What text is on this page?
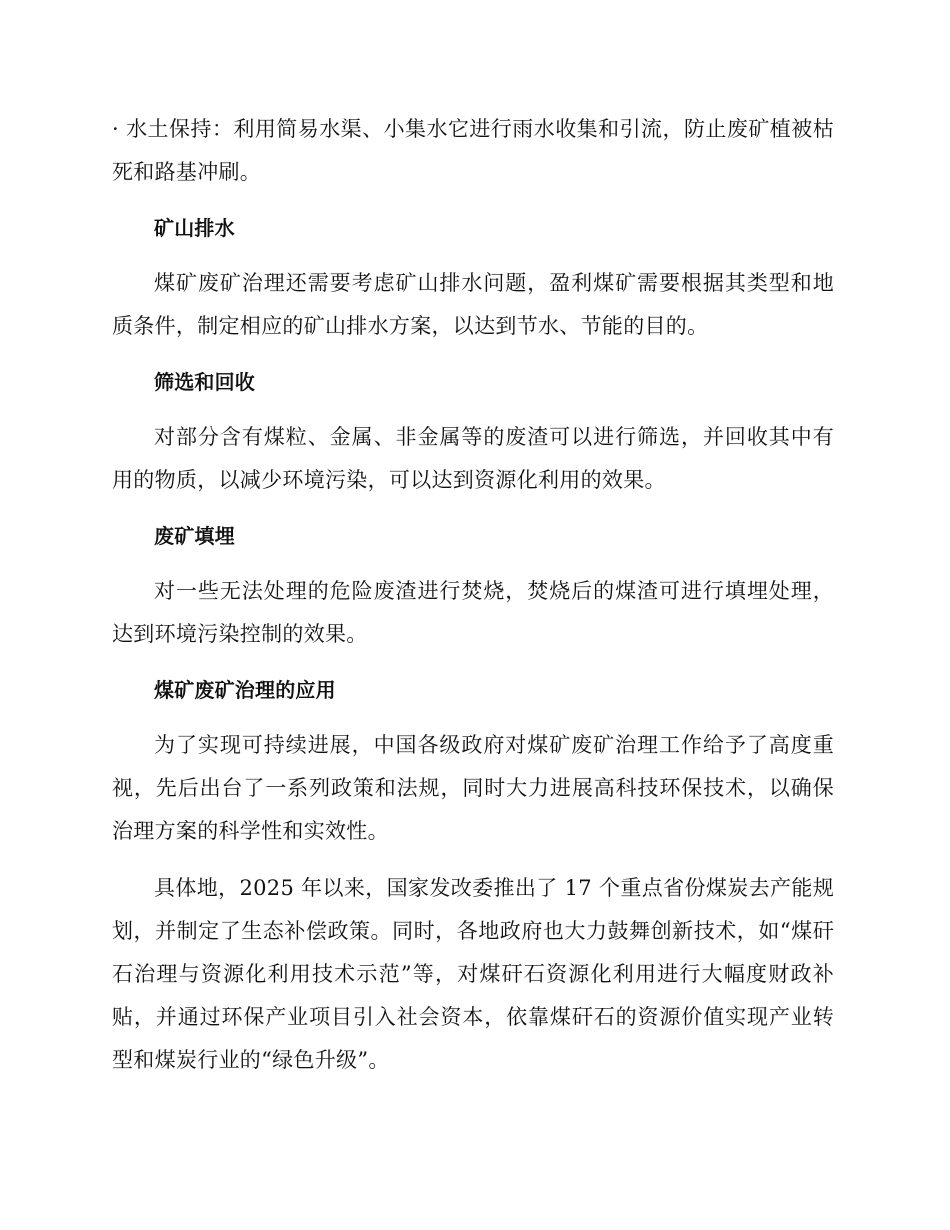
· 水土保持：利用简易水渠、小集水它进行雨水收集和引流，防止废矿植被枯死和路基冲刷。

矿山排水

煤矿废矿治理还需要考虑矿山排水问题，盈利煤矿需要根据其类型和地质条件，制定相应的矿山排水方案，以达到节水、节能的目的。

筛选和回收

对部分含有煤粒、金属、非金属等的废渣可以进行筛选，并回收其中有用的物质，以减少环境污染，可以达到资源化利用的效果。

废矿填埋

对一些无法处理的危险废渣进行焚烧，焚烧后的煤渣可进行填埋处理，达到环境污染控制的效果。

煤矿废矿治理的应用

为了实现可持续进展，中国各级政府对煤矿废矿治理工作给予了高度重视，先后出台了一系列政策和法规，同时大力进展高科技环保技术，以确保治理方案的科学性和实效性。

具体地，2025 年以来，国家发改委推出了 17 个重点省份煤炭去产能规划，并制定了生态补偿政策。同时，各地政府也大力鼓舞创新技术，如“煤矸石治理与资源化利用技术示范”等，对煤矸石资源化利用进行大幅度财政补贴，并通过环保产业项目引入社会资本，依靠煤矸石的资源价值实现产业转型和煤炭行业的“绿色升级”。
